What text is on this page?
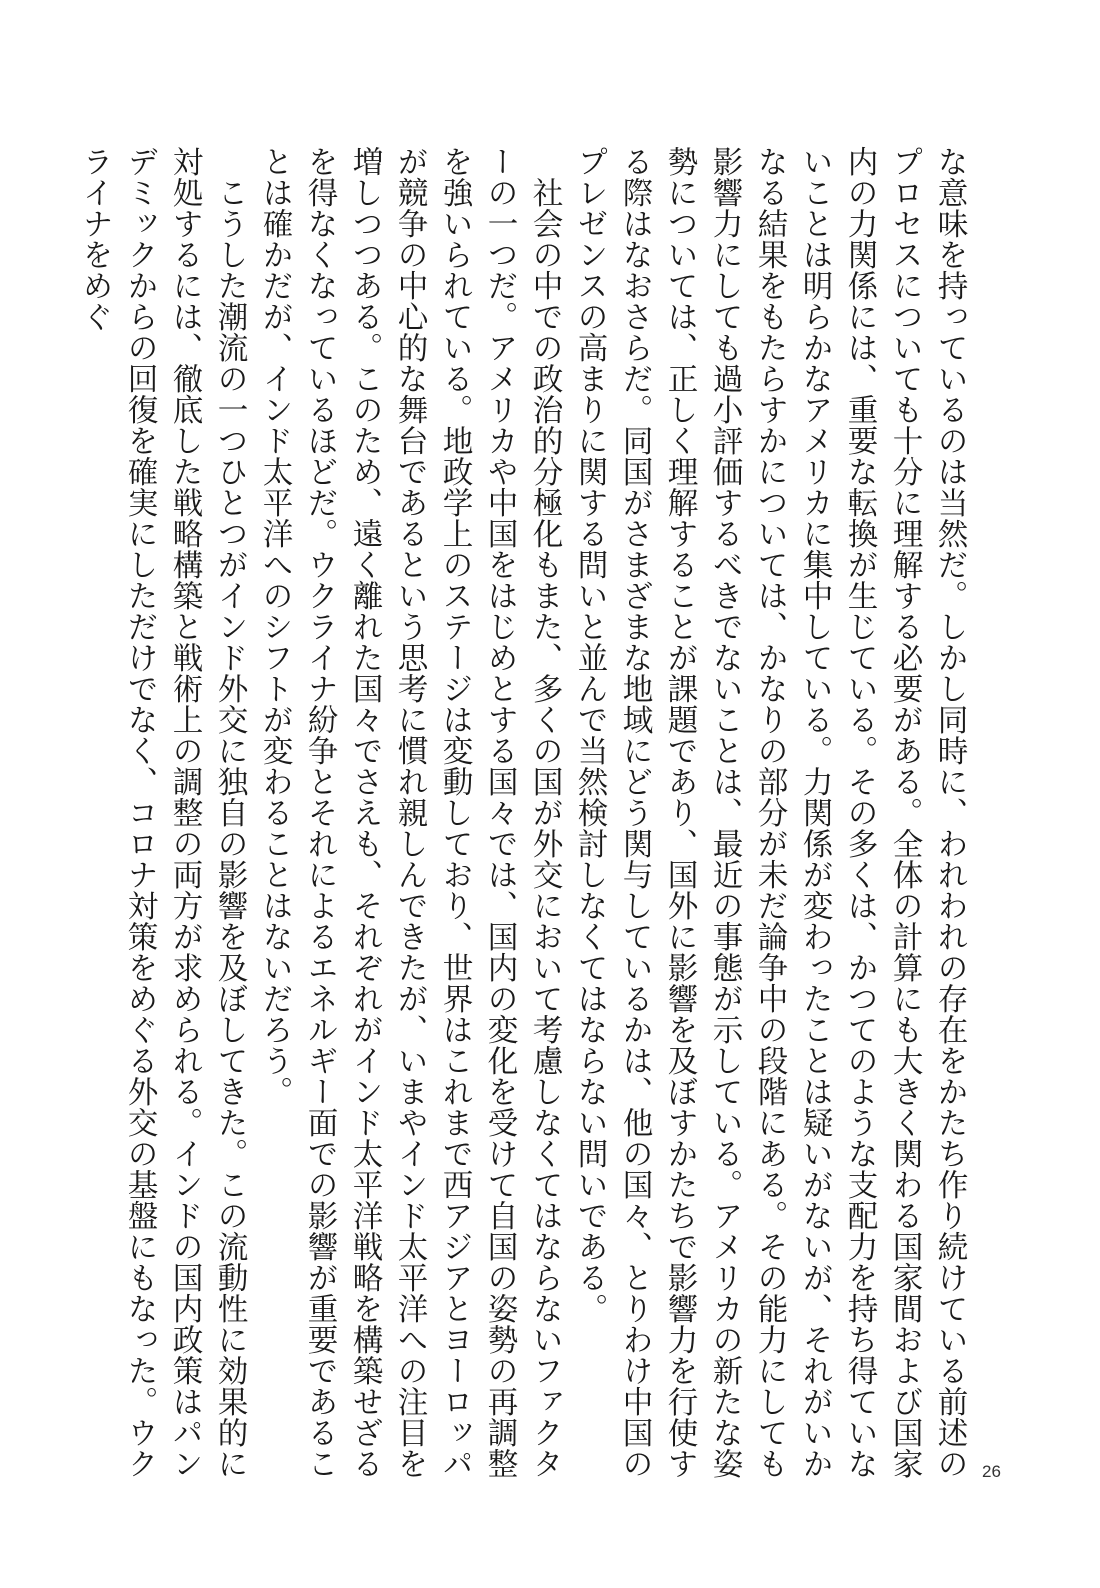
な意味を持っているのは当然だ。しかし同時に、われわれの存在をかたち作り続けている前述のプロセスについても十分に理解する必要がある。全体の計算にも大きく関わる国家間および国家内の力関係には、重要な転換が生じている。その多くは、かつてのような支配力を持ち得ていないことは明らかなアメリカに集中している。力関係が変わったことは疑いがないが、それがいかなる結果をもたらすかについては、かなりの部分が未だ論争中の段階にある。その能力にしても影響力にしても過小評価するべきでないことは、最近の事態が示している。アメリカの新たな姿勢については、正しく理解することが課題であり、国外に影響を及ぼすかたちで影響力を行使する際はなおさらだ。同国がさまざまな地域にどう関与しているかは、他の国々、とりわけ中国のプレゼンスの高まりに関する問いと並んで当然検討しなくてはならない問いである。

社会の中での政治的分極化もまた、多くの国が外交において考慮しなくてはならないファクターの一つだ。アメリカや中国をはじめとする国々では、国内の変化を受けて自国の姿勢の再調整を強いられている。地政学上のステージは変動しており、世界はこれまで西アジアとヨーロッパが競争の中心的な舞台であるという思考に慣れ親しんできたが、いまやインド太平洋への注目を増しつつある。このため、遠く離れた国々でさえも、それぞれがインド太平洋戦略を構築せざるを得なくなっているほどだ。ウクライナ紛争とそれによるエネルギー面での影響が重要であることは確かだが、インド太平洋へのシフトが変わることはないだろう。

こうした潮流の一つひとつがインド外交に独自の影響を及ぼしてきた。この流動性に効果的に対処するには、徹底した戦略構築と戦術上の調整の両方が求められる。インドの国内政策はパンデミックからの回復を確実にしただけでなく、コロナ対策をめぐる外交の基盤にもなった。ウクライナをめぐ

26
